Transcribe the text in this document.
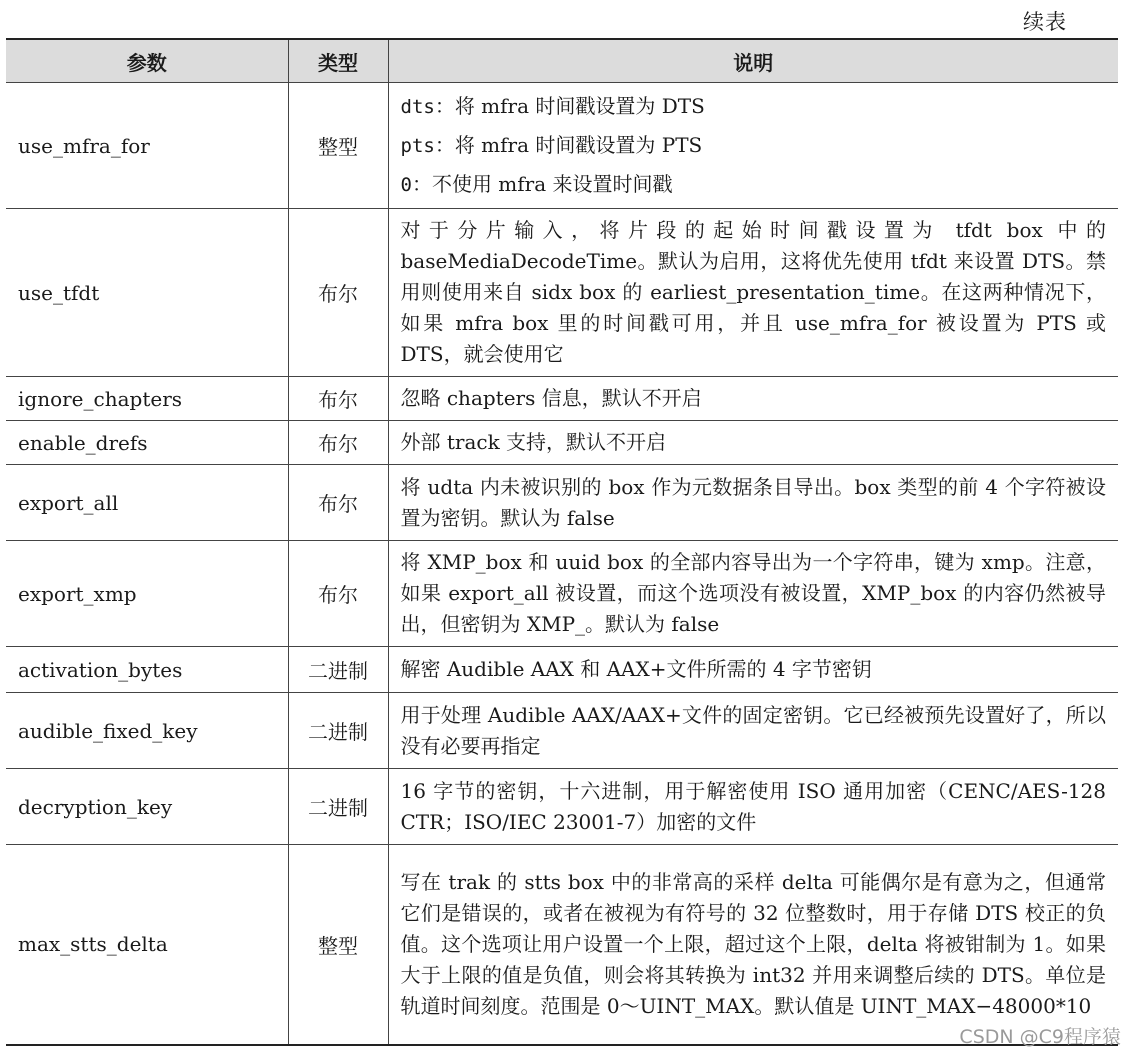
续表
参数	类型	说明
use_mfra_for	整型	dts：将 mfra 时间戳设置为 DTS
pts：将 mfra 时间戳设置为 PTS
0：不使用 mfra 来设置时间戳

use_tfdt	布尔	对于分片输入，将片段的起始时间戳设置为 tfdt box 中的 baseMediaDecodeTime。默认为启用，这将优先使用 tfdt 来设置 DTS。禁用则使用来自 sidx box 的 earliest_presentation_time。在这两种情况下，如果 mfra box 里的时间戳可用，并且 use_mfra_for 被设置为 PTS 或 DTS，就会使用它
ignore_chapters	布尔	忽略 chapters 信息，默认不开启
enable_drefs	布尔	外部 track 支持，默认不开启
export_all	布尔	将 udta 内未被识别的 box 作为元数据条目导出。box 类型的前 4 个字符被设置为密钥。默认为 false
export_xmp	布尔	将 XMP_box 和 uuid box 的全部内容导出为一个字符串，键为 xmp。注意，如果 export_all 被设置，而这个选项没有被设置，XMP_box 的内容仍然被导出，但密钥为 XMP_。默认为 false
activation_bytes	二进制	解密 Audible AAX 和 AAX+文件所需的 4 字节密钥
audible_fixed_key	二进制	用于处理 Audible AAX/AAX+文件的固定密钥。它已经被预先设置好了，所以没有必要再指定
decryption_key	二进制	16 字节的密钥，十六进制，用于解密使用 ISO 通用加密（CENC/AES-128 CTR；ISO/IEC 23001-7）加密的文件
max_stts_delta	整型	写在 trak 的 stts box 中的非常高的采样 delta 可能偶尔是有意为之，但通常它们是错误的，或者在被视为有符号的 32 位整数时，用于存储 DTS 校正的负值。这个选项让用户设置一个上限，超过这个上限，delta 将被钳制为 1。如果大于上限的值是负值，则会将其转换为 int32 并用来调整后续的 DTS。单位是轨道时间刻度。范围是 0～UINT_MAX。默认值是 UINT_MAX−48000*10
CSDN @C9程序猿
